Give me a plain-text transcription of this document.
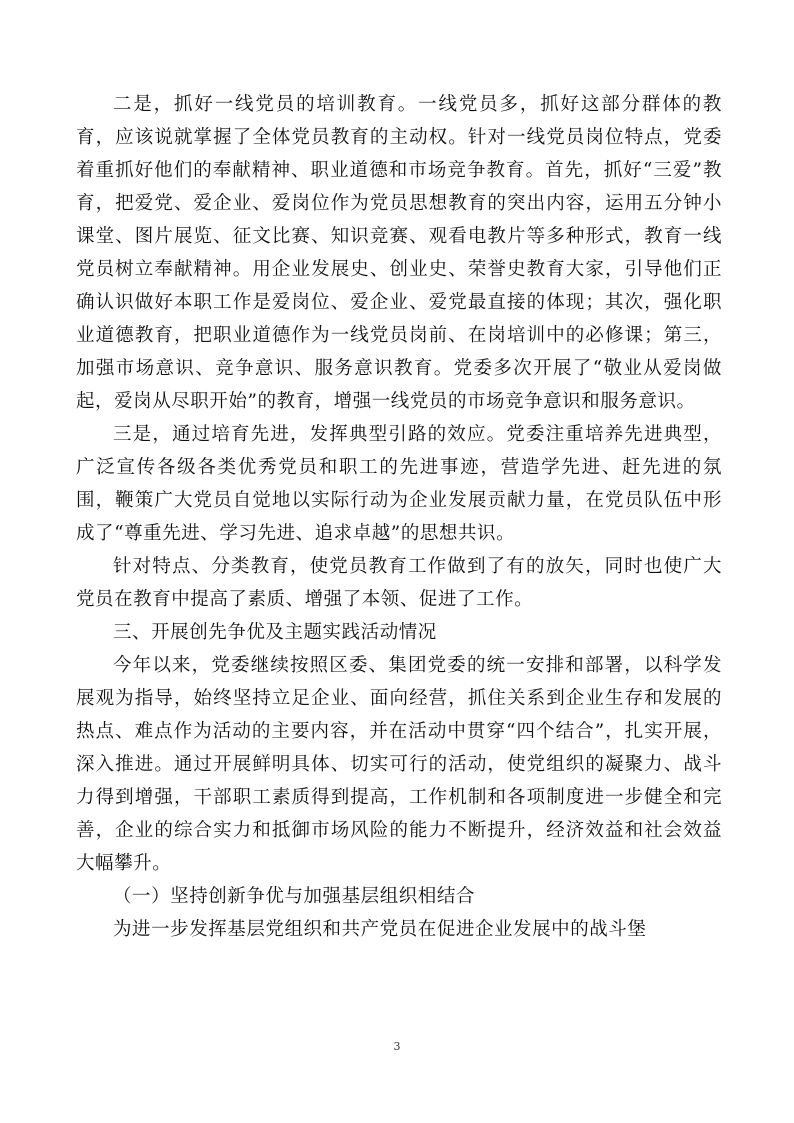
二是，抓好一线党员的培训教育。一线党员多，抓好这部分群体的教育，应该说就掌握了全体党员教育的主动权。针对一线党员岗位特点，党委着重抓好他们的奉献精神、职业道德和市场竞争教育。首先，抓好“三爱”教育，把爱党、爱企业、爱岗位作为党员思想教育的突出内容，运用五分钟小课堂、图片展览、征文比赛、知识竞赛、观看电教片等多种形式，教育一线党员树立奉献精神。用企业发展史、创业史、荣誉史教育大家，引导他们正确认识做好本职工作是爱岗位、爱企业、爱党最直接的体现；其次，强化职业道德教育，把职业道德作为一线党员岗前、在岗培训中的必修课；第三，加强市场意识、竞争意识、服务意识教育。党委多次开展了“敬业从爱岗做起，爱岗从尽职开始”的教育，增强一线党员的市场竞争意识和服务意识。

三是，通过培育先进，发挥典型引路的效应。党委注重培养先进典型，广泛宣传各级各类优秀党员和职工的先进事迹，营造学先进、赶先进的氛围，鞭策广大党员自觉地以实际行动为企业发展贡献力量，在党员队伍中形成了“尊重先进、学习先进、追求卓越”的思想共识。

针对特点、分类教育，使党员教育工作做到了有的放矢，同时也使广大党员在教育中提高了素质、增强了本领、促进了工作。

三、开展创先争优及主题实践活动情况

今年以来，党委继续按照区委、集团党委的统一安排和部署，以科学发展观为指导，始终坚持立足企业、面向经营，抓住关系到企业生存和发展的热点、难点作为活动的主要内容，并在活动中贯穿“四个结合”，扎实开展，深入推进。通过开展鲜明具体、切实可行的活动，使党组织的凝聚力、战斗力得到增强，干部职工素质得到提高，工作机制和各项制度进一步健全和完善，企业的综合实力和抵御市场风险的能力不断提升，经济效益和社会效益大幅攀升。

（一）坚持创新争优与加强基层组织相结合

为进一步发挥基层党组织和共产党员在促进企业发展中的战斗堡

3
